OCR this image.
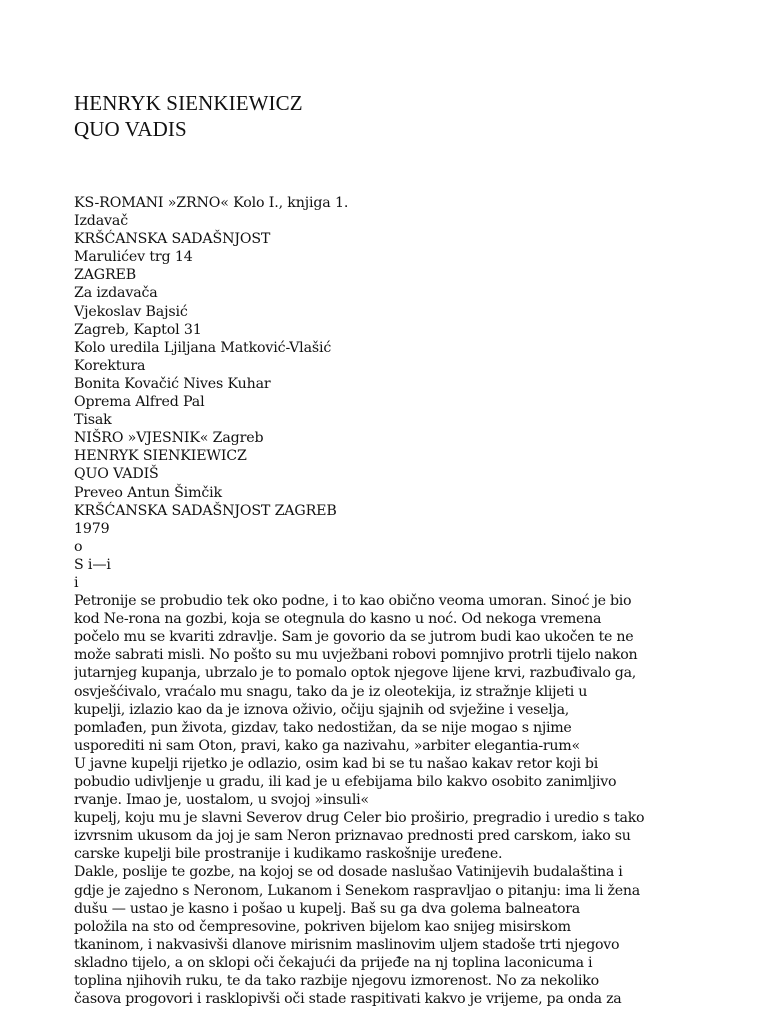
HENRYK SIENKIEWICZ
QUO VADIS
KS-ROMANI »ZRNO« Kolo I., knjiga 1.
Izdavač
KRŠĆANSKA SADAŠNJOST
Marulićev trg 14
ZAGREB
Za izdavača
Vjekoslav Bajsić
Zagreb, Kaptol 31
Kolo uredila Ljiljana Matković-Vlašić
Korektura
Bonita Kovačić Nives Kuhar
Oprema Alfred Pal
Tisak
NIŠRO »VJESNIK« Zagreb
HENRYK SIENKIEWICZ
QUO VADIŠ
Preveo Antun Šimčik
KRŠĆANSKA SADAŠNJOST ZAGREB
1979
o
S i—i
i
Petronije se probudio tek oko podne, i to kao obično veoma umoran. Sinoć je bio
kod Ne-rona na gozbi, koja se otegnula do kasno u noć. Od nekoga vremena
počelo mu se kvariti zdravlje. Sam je govorio da se jutrom budi kao ukočen te ne
može sabrati misli. No pošto su mu uvježbani robovi pomnjivo protrli tijelo nakon
jutarnjeg kupanja, ubrzalo je to pomalo optok njegove lijene krvi, razbuđivalo ga,
osvješćivalo, vraćalo mu snagu, tako da je iz oleotekija, iz stražnje klijeti u
kupelji, izlazio kao da je iznova oživio, očiju sjajnih od svježine i veselja,
pomlađen, pun života, gizdav, tako nedostižan, da se nije mogao s njime
usporediti ni sam Oton, pravi, kako ga nazivahu, »arbiter elegantia-rum«
U javne kupelji rijetko je odlazio, osim kad bi se tu našao kakav retor koji bi
pobudio udivljenje u gradu, ili kad je u efebijama bilo kakvo osobito zanimljivo
rvanje. Imao je, uostalom, u svojoj »insuli«
kupelj, koju mu je slavni Severov drug Celer bio proširio, pregradio i uredio s tako
izvrsnim ukusom da joj je sam Neron priznavao prednosti pred carskom, iako su
carske kupelji bile prostranije i kudikamo raskošnije uređene.
Dakle, poslije te gozbe, na kojoj se od dosade naslušao Vatinijevih budalaština i
gdje je zajedno s Neronom, Lukanom i Senekom raspravljao o pitanju: ima li žena
dušu — ustao je kasno i pošao u kupelj. Baš su ga dva golema balneatora
položila na sto od čempresovine, pokriven bijelom kao snijeg misirskom
tkaninom, i nakvasivši dlanove mirisnim maslinovim uljem stadoše trti njegovo
skladno tijelo, a on sklopi oči čekajući da prijeđe na nj toplina laconicuma i
toplina njihovih ruku, te da tako razbije njegovu izmorenost. No za nekoliko
časova progovori i rasklopivši oči stade raspitivati kakvo je vrijeme, pa onda za
